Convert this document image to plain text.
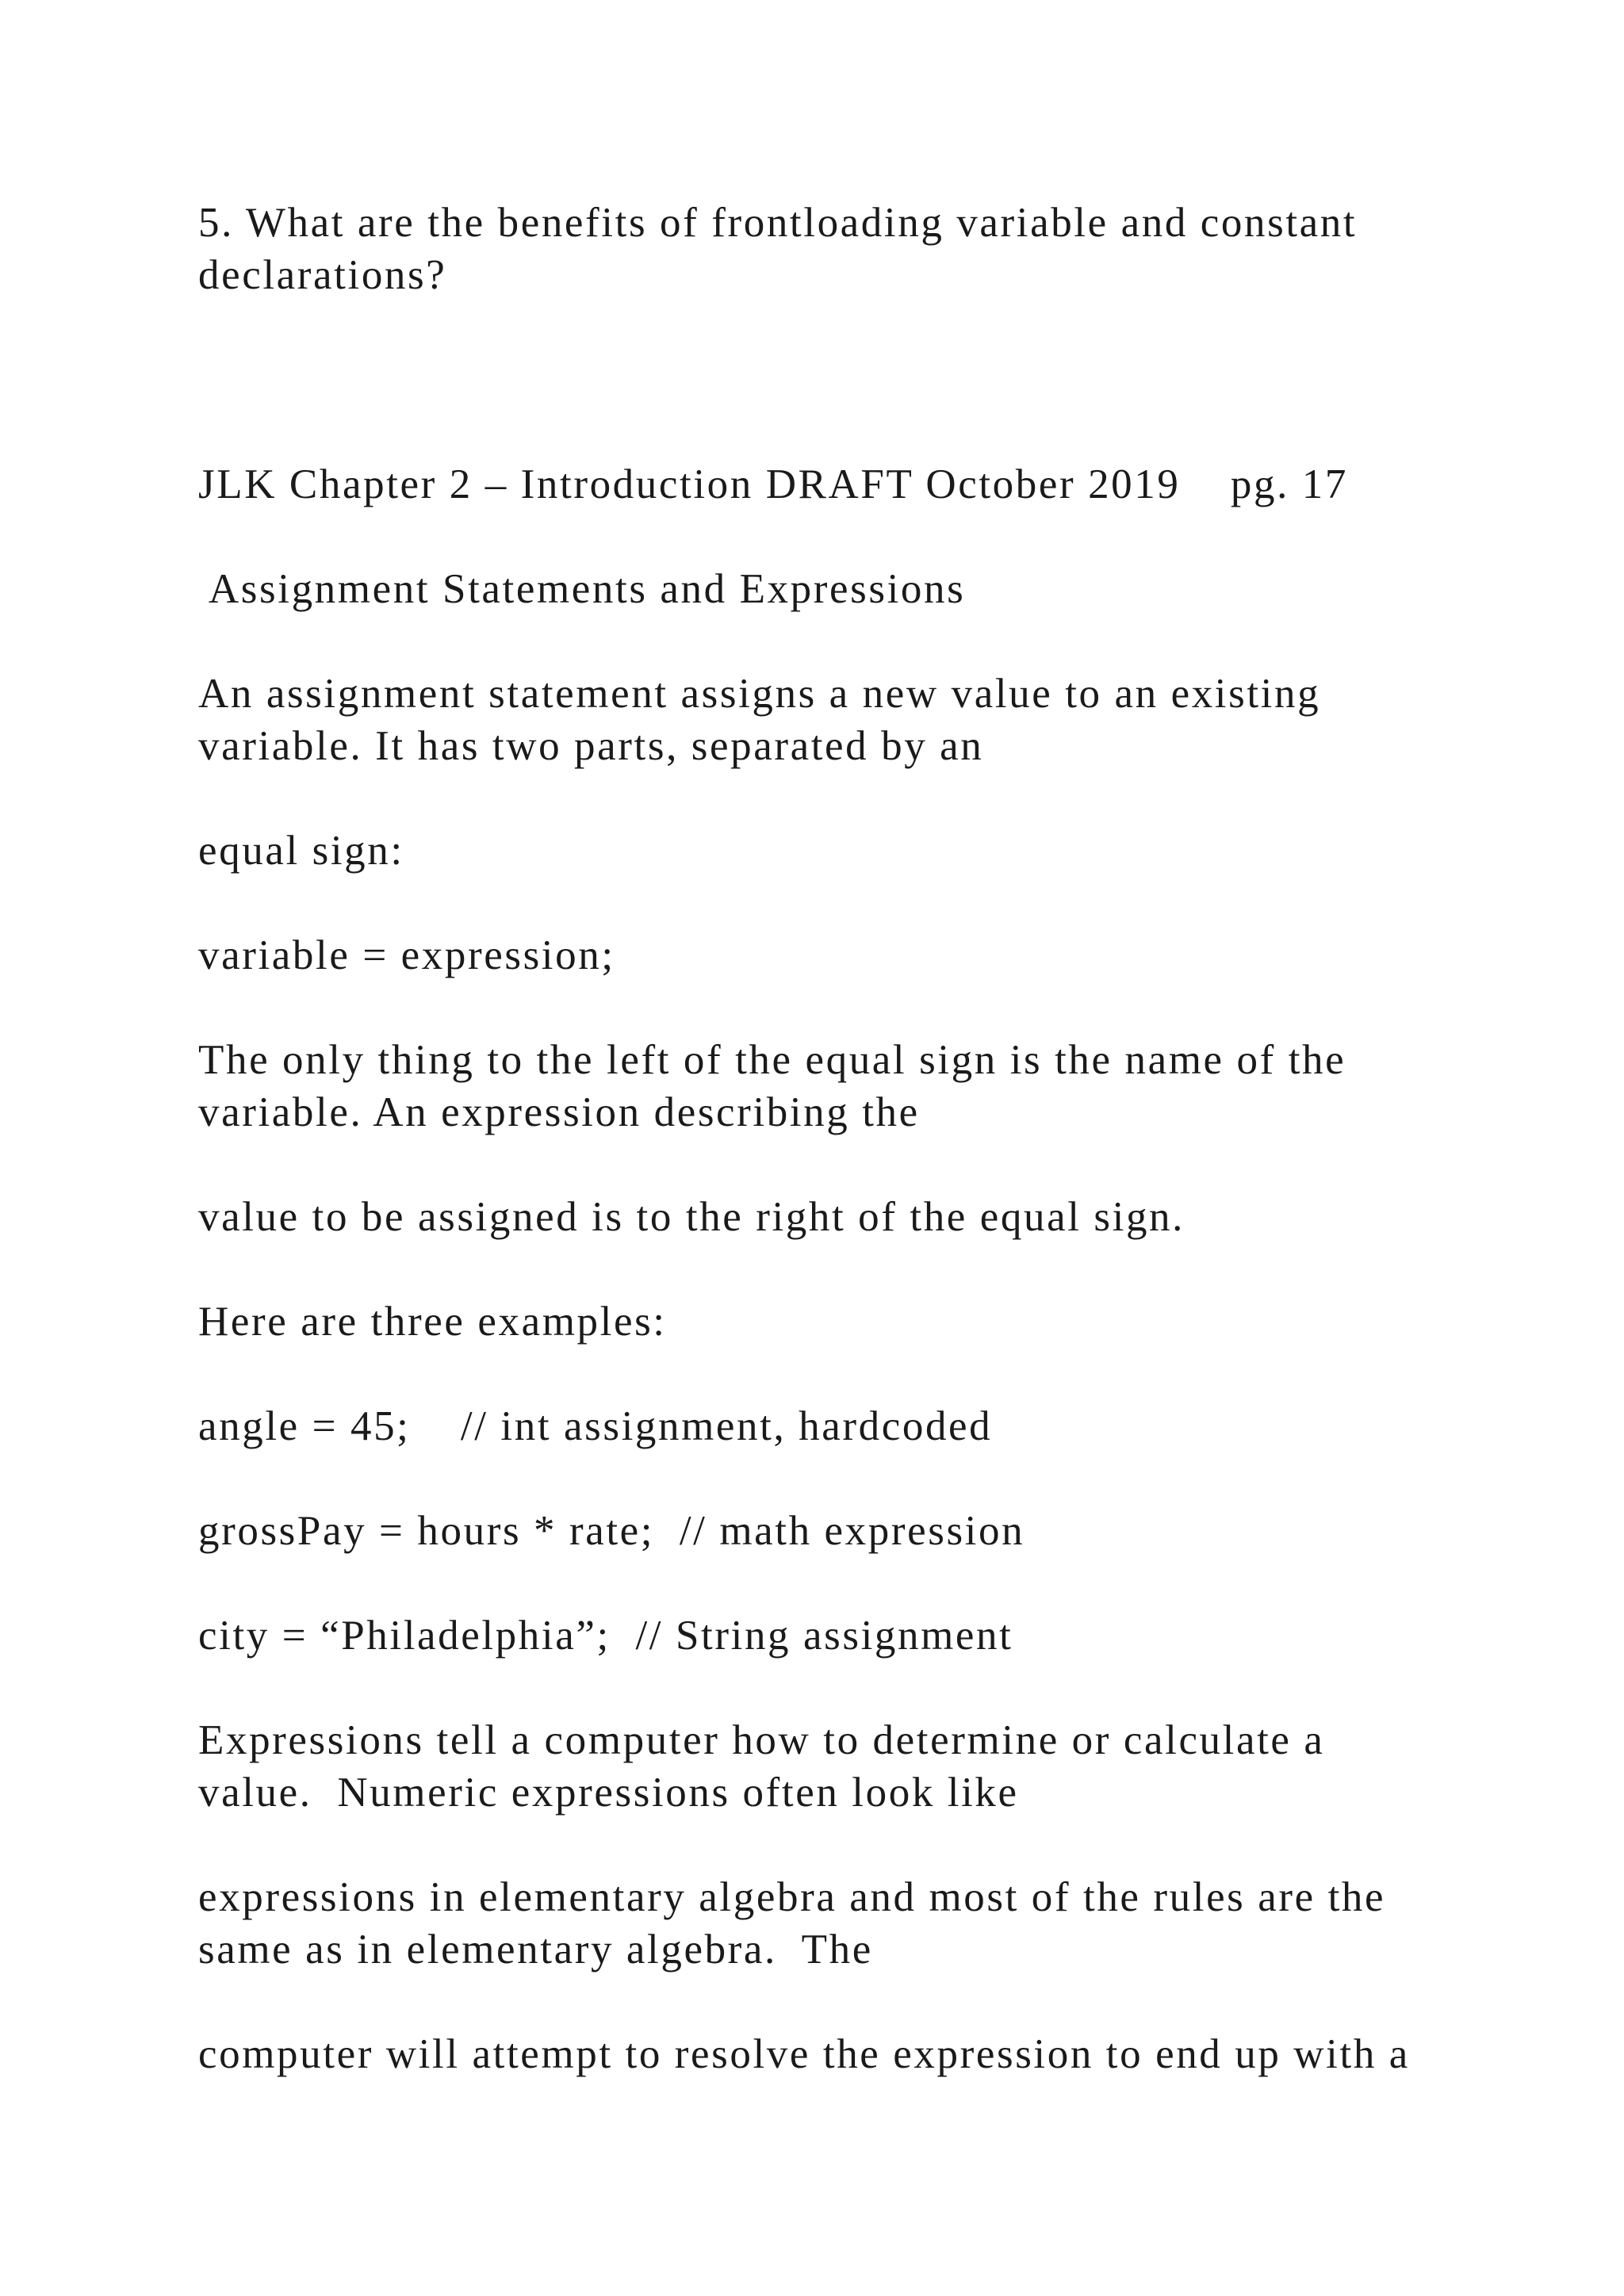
5. What are the benefits of frontloading variable and constant

declarations?

JLK Chapter 2 – Introduction DRAFT October 2019    pg. 17

Assignment Statements and Expressions

An assignment statement assigns a new value to an existing

variable. It has two parts, separated by an

equal sign:

variable = expression;

The only thing to the left of the equal sign is the name of the

variable. An expression describing the

value to be assigned is to the right of the equal sign.

Here are three examples:

angle = 45;    // int assignment, hardcoded

grossPay = hours * rate;  // math expression

city = “Philadelphia”;  // String assignment

Expressions tell a computer how to determine or calculate a

value.  Numeric expressions often look like

expressions in elementary algebra and most of the rules are the

same as in elementary algebra.  The

computer will attempt to resolve the expression to end up with a
